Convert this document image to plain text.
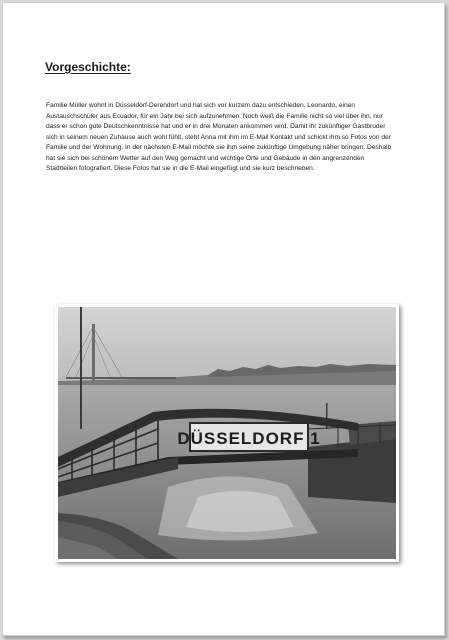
Vorgeschichte:

Familie Müller wohnt in Düsseldorf-Derendorf und hat sich vor kurzem dazu entschieden, Leonardo, einen Austauschschüler aus Ecuador, für ein Jahr bei sich aufzunehmen. Noch weiß die Familie nicht so viel über ihn, nur dass er schon gute Deutschkenntnisse hat und er in drei Monaten ankommen wird. Damit ihr zukünftiger Gastbruder sich in seinem neuen Zuhause auch wohl fühlt, steht Anna mit ihm im E-Mail Kontakt und schickt ihm so Fotos von der Familie und der Wohnung. In der nächsten E-Mail möchte sie ihm seine zukünftige Umgebung näher bringen. Deshalb hat sie sich bei schönem Wetter auf den Weg gemacht und wichtige Orte und Gebäude in den angrenzenden Stadtteilen fotografiert. Diese Fotos hat sie in die E-Mail eingefügt und sie kurz beschrieben.

DÜSSELDORF 1
